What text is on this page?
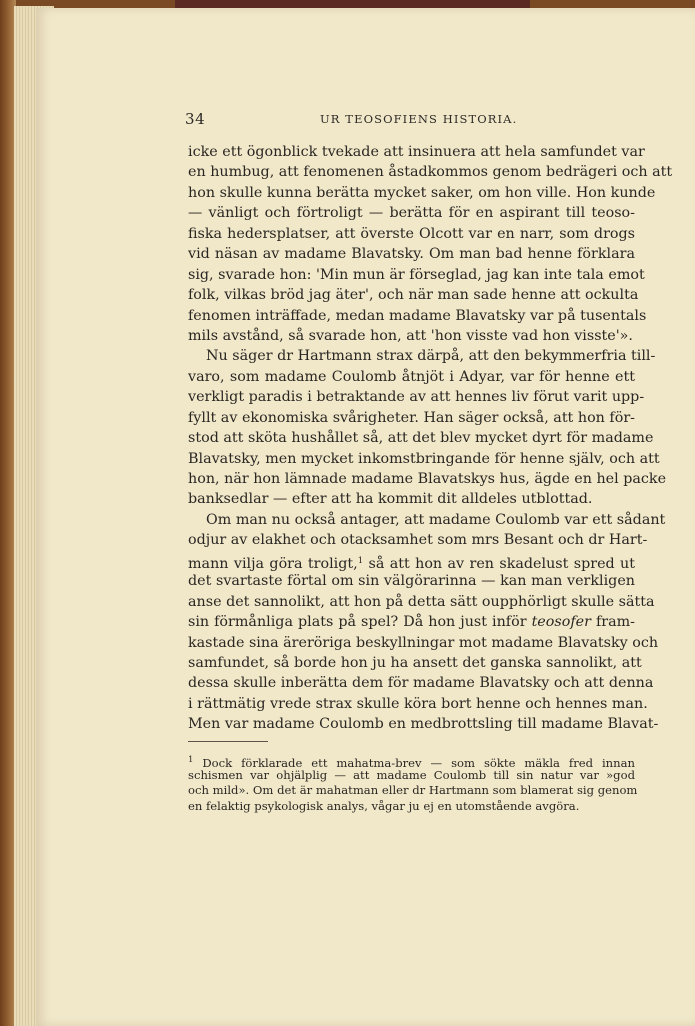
34	UR TEOSOFIENS HISTORIA.
icke ett ögonblick tvekade att insinuera att hela samfundet var
en humbug, att fenomenen åstadkommos genom bedrägeri och att
hon skulle kunna berätta mycket saker, om hon ville. Hon kunde
— vänligt och förtroligt — berätta för en aspirant till teoso-
fiska hedersplatser, att överste Olcott var en narr, som drogs
vid näsan av madame Blavatsky. Om man bad henne förklara
sig, svarade hon: 'Min mun är förseglad, jag kan inte tala emot
folk, vilkas bröd jag äter', och när man sade henne att ockulta
fenomen inträffade, medan madame Blavatsky var på tusentals
mils avstånd, så svarade hon, att 'hon visste vad hon visste'».
Nu säger dr Hartmann strax därpå, att den bekymmerfria till-
varo, som madame Coulomb åtnjöt i Adyar, var för henne ett
verkligt paradis i betraktande av att hennes liv förut varit upp-
fyllt av ekonomiska svårigheter. Han säger också, att hon för-
stod att sköta hushållet så, att det blev mycket dyrt för madame
Blavatsky, men mycket inkomstbringande för henne själv, och att
hon, när hon lämnade madame Blavatskys hus, ägde en hel packe
banksedlar — efter att ha kommit dit alldeles utblottad.
Om man nu också antager, att madame Coulomb var ett sådant
odjur av elakhet och otacksamhet som mrs Besant och dr Hart-
mann vilja göra troligt,$^1$ så att hon av ren skadelust spred ut
det svartaste förtal om sin välgörarinna — kan man verkligen
anse det sannolikt, att hon på detta sätt oupphörligt skulle sätta
sin förmånliga plats på spel? Då hon just inför teosofer fram-
kastade sina äreröriga beskyllningar mot madame Blavatsky och
samfundet, så borde hon ju ha ansett det ganska sannolikt, att
dessa skulle inberätta dem för madame Blavatsky och att denna
i rättmätig vrede strax skulle köra bort henne och hennes man.
Men var madame Coulomb en medbrottsling till madame Blavat-
$^1$ Dock förklarade ett mahatma-brev — som sökte mäkla fred innan
schismen var ohjälplig — att madame Coulomb till sin natur var »god
och mild». Om det är mahatman eller dr Hartmann som blamerat sig genom
en felaktig psykologisk analys, vågar ju ej en utomstående avgöra.
